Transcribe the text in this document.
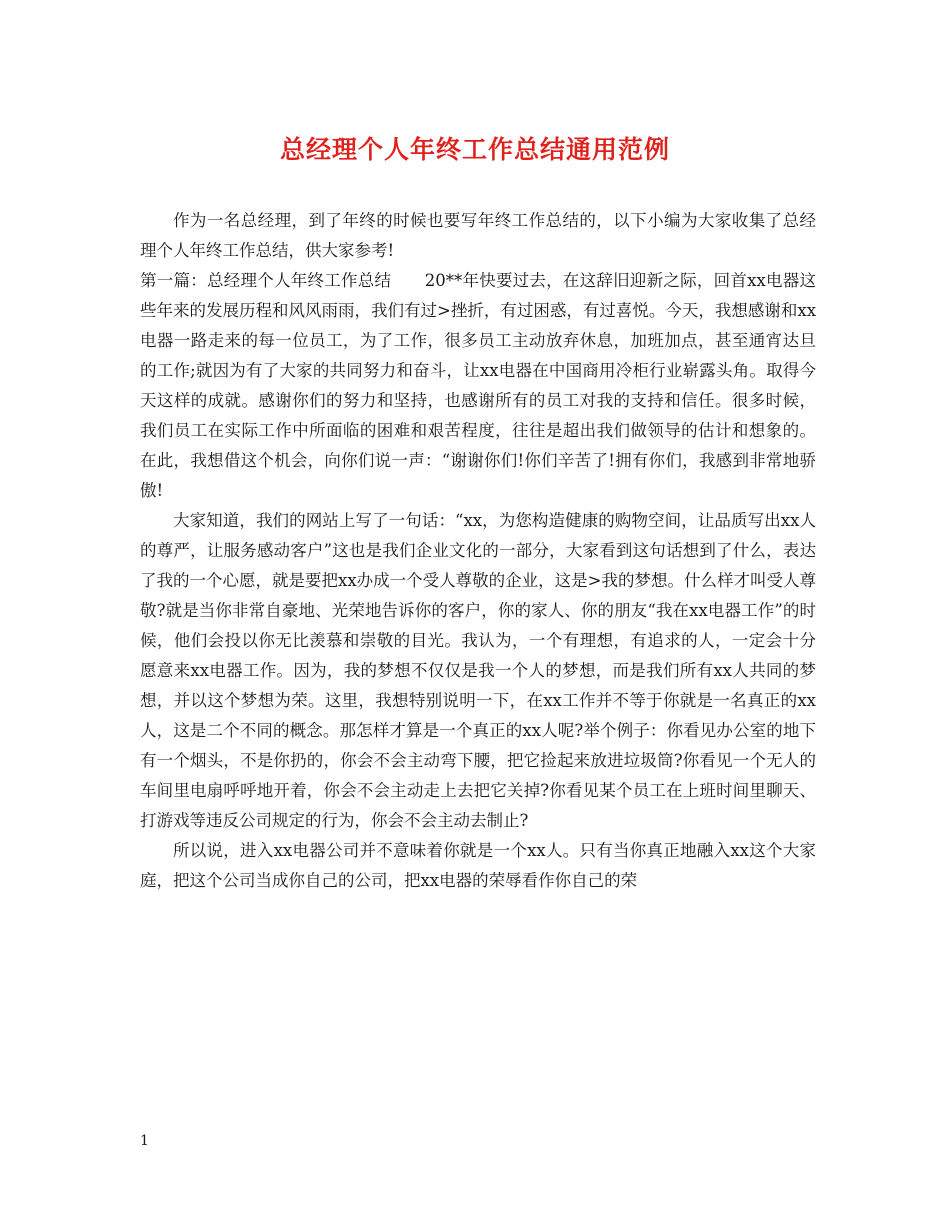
总经理个人年终工作总结通用范例

作为一名总经理，到了年终的时候也要写年终工作总结的，以下小编为大家收集了总经理个人年终工作总结，供大家参考!

第一篇：总经理个人年终工作总结　　20**年快要过去，在这辞旧迎新之际，回首xx电器这些年来的发展历程和风风雨雨，我们有过>挫折，有过困惑，有过喜悦。今天，我想感谢和xx电器一路走来的每一位员工，为了工作，很多员工主动放弃休息，加班加点，甚至通宵达旦的工作;就因为有了大家的共同努力和奋斗，让xx电器在中国商用冷柜行业崭露头角。取得今天这样的成就。感谢你们的努力和坚持，也感谢所有的员工对我的支持和信任。很多时候，我们员工在实际工作中所面临的困难和艰苦程度，往往是超出我们做领导的估计和想象的。在此，我想借这个机会，向你们说一声：“谢谢你们!你们辛苦了!拥有你们，我感到非常地骄傲!

大家知道，我们的网站上写了一句话：“xx，为您构造健康的购物空间，让品质写出xx人的尊严，让服务感动客户”这也是我们企业文化的一部分，大家看到这句话想到了什么，表达了我的一个心愿，就是要把xx办成一个受人尊敬的企业，这是>我的梦想。什么样才叫受人尊敬?就是当你非常自豪地、光荣地告诉你的客户，你的家人、你的朋友“我在xx电器工作”的时候，他们会投以你无比羡慕和崇敬的目光。我认为，一个有理想，有追求的人，一定会十分愿意来xx电器工作。因为，我的梦想不仅仅是我一个人的梦想，而是我们所有xx人共同的梦想，并以这个梦想为荣。这里，我想特别说明一下，在xx工作并不等于你就是一名真正的xx人，这是二个不同的概念。那怎样才算是一个真正的xx人呢?举个例子：你看见办公室的地下有一个烟头，不是你扔的，你会不会主动弯下腰，把它捡起来放进垃圾筒?你看见一个无人的车间里电扇呼呼地开着，你会不会主动走上去把它关掉?你看见某个员工在上班时间里聊天、打游戏等违反公司规定的行为，你会不会主动去制止?

所以说，进入xx电器公司并不意味着你就是一个xx人。只有当你真正地融入xx这个大家庭，把这个公司当成你自己的公司，把xx电器的荣辱看作你自己的荣

1
